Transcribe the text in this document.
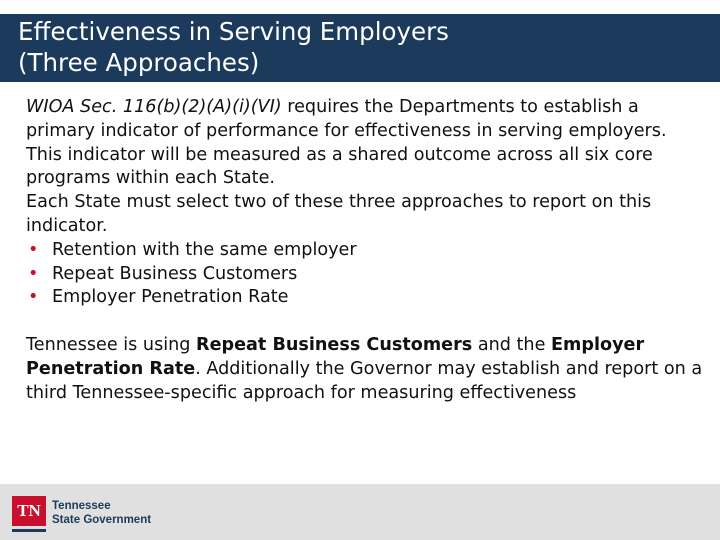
Effectiveness in Serving Employers
(Three Approaches)

WIOA Sec. 116(b)(2)(A)(i)(VI) requires the Departments to establish a primary indicator of performance for effectiveness in serving employers. This indicator will be measured as a shared outcome across all six core programs within each State.

Each State must select two of these three approaches to report on this indicator.

• Retention with the same employer
• Repeat Business Customers
• Employer Penetration Rate

Tennessee is using Repeat Business Customers and the Employer Penetration Rate. Additionally the Governor may establish and report on a third Tennessee-specific approach for measuring effectiveness

TN Tennessee
State Government
